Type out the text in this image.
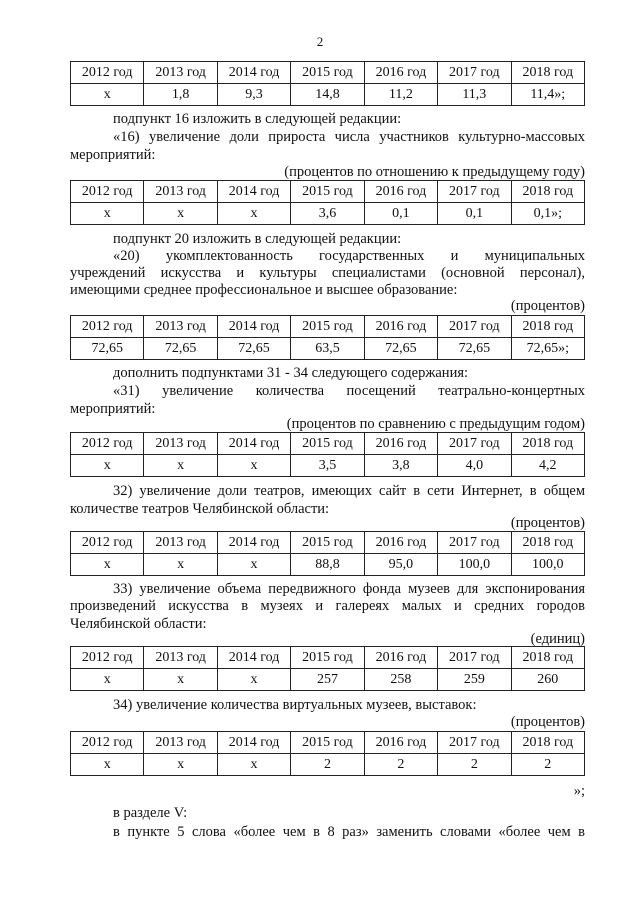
2
2012 год	2013 год	2014 год	2015 год	2016 год	2017 год	2018 год
х	1,8	9,3	14,8	11,2	11,3	11,4»;
подпункт 16 изложить в следующей редакции:
«16) увеличение доли прироста числа участников культурно-массовых
мероприятий:
(процентов по отношению к предыдущему году)
2012 год	2013 год	2014 год	2015 год	2016 год	2017 год	2018 год
х	х	х	3,6	0,1	0,1	0,1»;
подпункт 20 изложить в следующей редакции:
«20) укомплектованность государственных и муниципальных
учреждений искусства и культуры специалистами (основной персонал),
имеющими среднее профессиональное и высшее образование:
(процентов)
2012 год	2013 год	2014 год	2015 год	2016 год	2017 год	2018 год
72,65	72,65	72,65	63,5	72,65	72,65	72,65»;
дополнить подпунктами 31 - 34 следующего содержания:
«31) увеличение количества посещений театрально-концертных
мероприятий:
(процентов по сравнению с предыдущим годом)
2012 год	2013 год	2014 год	2015 год	2016 год	2017 год	2018 год
х	х	х	3,5	3,8	4,0	4,2
32) увеличение доли театров, имеющих сайт в сети Интернет, в общем
количестве театров Челябинской области:
(процентов)
2012 год	2013 год	2014 год	2015 год	2016 год	2017 год	2018 год
х	х	х	88,8	95,0	100,0	100,0
33) увеличение объема передвижного фонда музеев для экспонирования
произведений искусства в музеях и галереях малых и средних городов
Челябинской области:
(единиц)
2012 год	2013 год	2014 год	2015 год	2016 год	2017 год	2018 год
х	х	х	257	258	259	260
34) увеличение количества виртуальных музеев, выставок:
(процентов)
2012 год	2013 год	2014 год	2015 год	2016 год	2017 год	2018 год
х	х	х	2	2	2	2
»;
в разделе V:
в пункте 5 слова «более чем в 8 раз» заменить словами «более чем в
